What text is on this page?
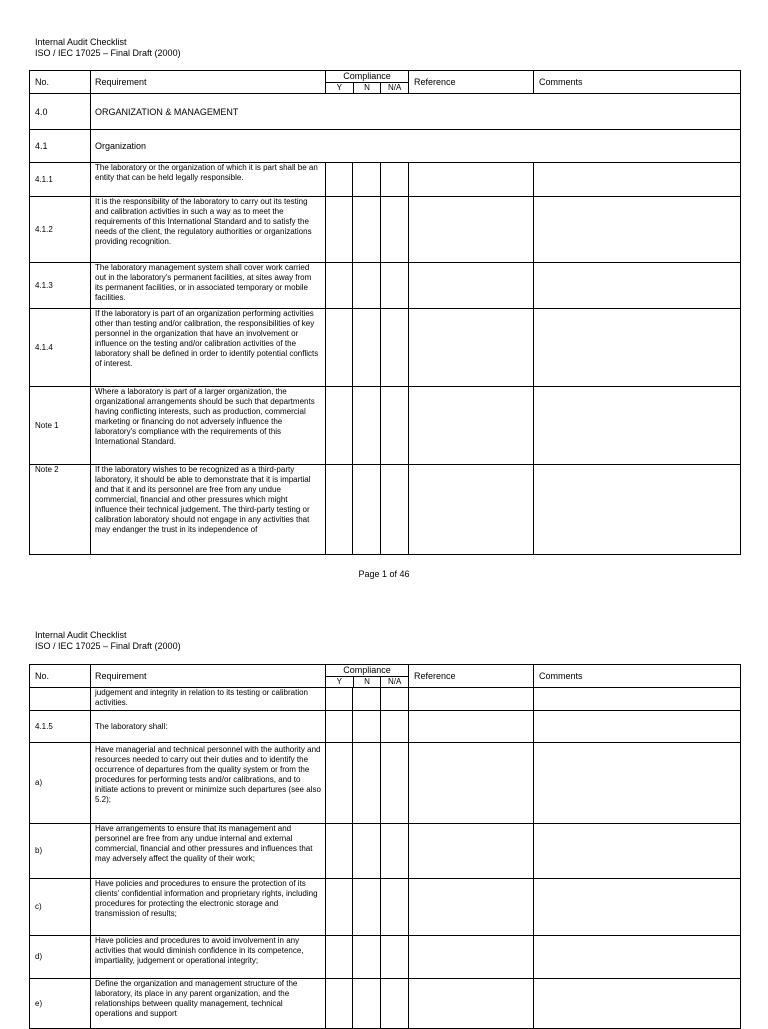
Internal Audit Checklist
ISO / IEC 17025 – Final Draft (2000)
No.	Requirement	Compliance
Y N N/A			Reference	Comments
4.0	ORGANIZATION & MANAGEMENT					
4.1	Organization					
4.1.1	The laboratory or the organization of which it is part shall be an entity that can be held legally responsible.					
4.1.2	It is the responsibility of the laboratory to carry out its testing and calibration activities in such a way as to meet the requirements of this International Standard and to satisfy the needs of the client, the regulatory authorities or organizations providing recognition.					
4.1.3	The laboratory management system shall cover work carried out in the laboratory's permanent facilities, at sites away from its permanent facilities, or in associated temporary or mobile facilities.					
4.1.4	If the laboratory is part of an organization performing activities other than testing and/or calibration, the responsibilities of key personnel in the organization that have an involvement or influence on the testing and/or calibration activities of the laboratory shall be defined in order to identify potential conflicts of interest.					
Note 1	Where a laboratory is part of a larger organization, the organizational arrangements should be such that departments having conflicting interests, such as production, commercial marketing or financing do not adversely influence the laboratory's compliance with the requirements of this International Standard.					
Note 2	If the laboratory wishes to be recognized as a third-party laboratory, it should be able to demonstrate that it is impartial and that it and its personnel are free from any undue commercial, financial and other pressures which might influence their technical judgement. The third-party testing or calibration laboratory should not engage in any activities that may endanger the trust in its independence of					
Page 1 of 46
Internal Audit Checklist
ISO / IEC 17025 – Final Draft (2000)
No.	Requirement	Compliance
Y N N/A			Reference	Comments
	judgement and integrity in relation to its testing or calibration activities.					
4.1.5	The laboratory shall:					
a)	Have managerial and technical personnel with the authority and resources needed to carry out their duties and to identify the occurrence of departures from the quality system or from the procedures for performing tests and/or calibrations, and to initiate actions to prevent or minimize such departures (see also 5.2);					
b)	Have arrangements to ensure that its management and personnel are free from any undue internal and external commercial, financial and other pressures and influences that may adversely affect the quality of their work;					
c)	Have policies and procedures to ensure the protection of its clients' confidential information and proprietary rights, including procedures for protecting the electronic storage and transmission of results;					
d)	Have policies and procedures to avoid involvement in any activities that would diminish confidence in its competence, impartiality, judgement or operational integrity;					
e)	Define the organization and management structure of the laboratory, its place in any parent organization, and the relationships between quality management, technical operations and support					
